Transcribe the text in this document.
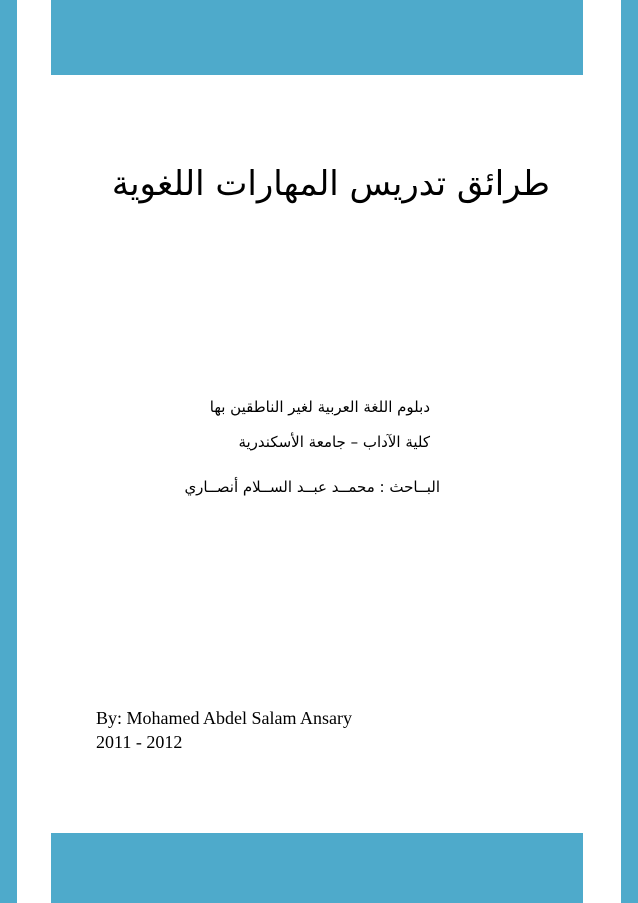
طرائق تدريس المهارات اللغوية
دبلوم اللغة العربية لغير الناطقين بها
كلية الآداب – جامعة الأسكندرية
البــاحث : محمــد عبــد الســلام أنصــاري
By: Mohamed Abdel Salam Ansary
2011 - 2012
